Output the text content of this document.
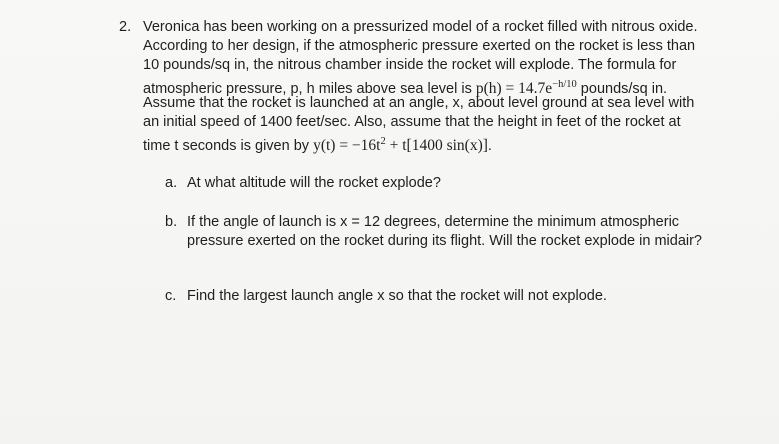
2. Veronica has been working on a pressurized model of a rocket filled with nitrous oxide.
According to her design, if the atmospheric pressure exerted on the rocket is less than
10 pounds/sq in, the nitrous chamber inside the rocket will explode. The formula for
atmospheric pressure, p, h miles above sea level is $p(h) = 14.7e^{-h/10}$ pounds/sq in.
Assume that the rocket is launched at an angle, x, about level ground at sea level with
an initial speed of 1400 feet/sec. Also, assume that the height in feet of the rocket at
time t seconds is given by $y(t) = -16t^2 + t[1400$ sin(x)].
a. At what altitude will the rocket explode?
b. If the angle of launch is x = 12 degrees, determine the minimum atmospheric pressure exerted on the rocket during its flight. Will the rocket explode in midair?
c. Find the largest launch angle x so that the rocket will not explode.
